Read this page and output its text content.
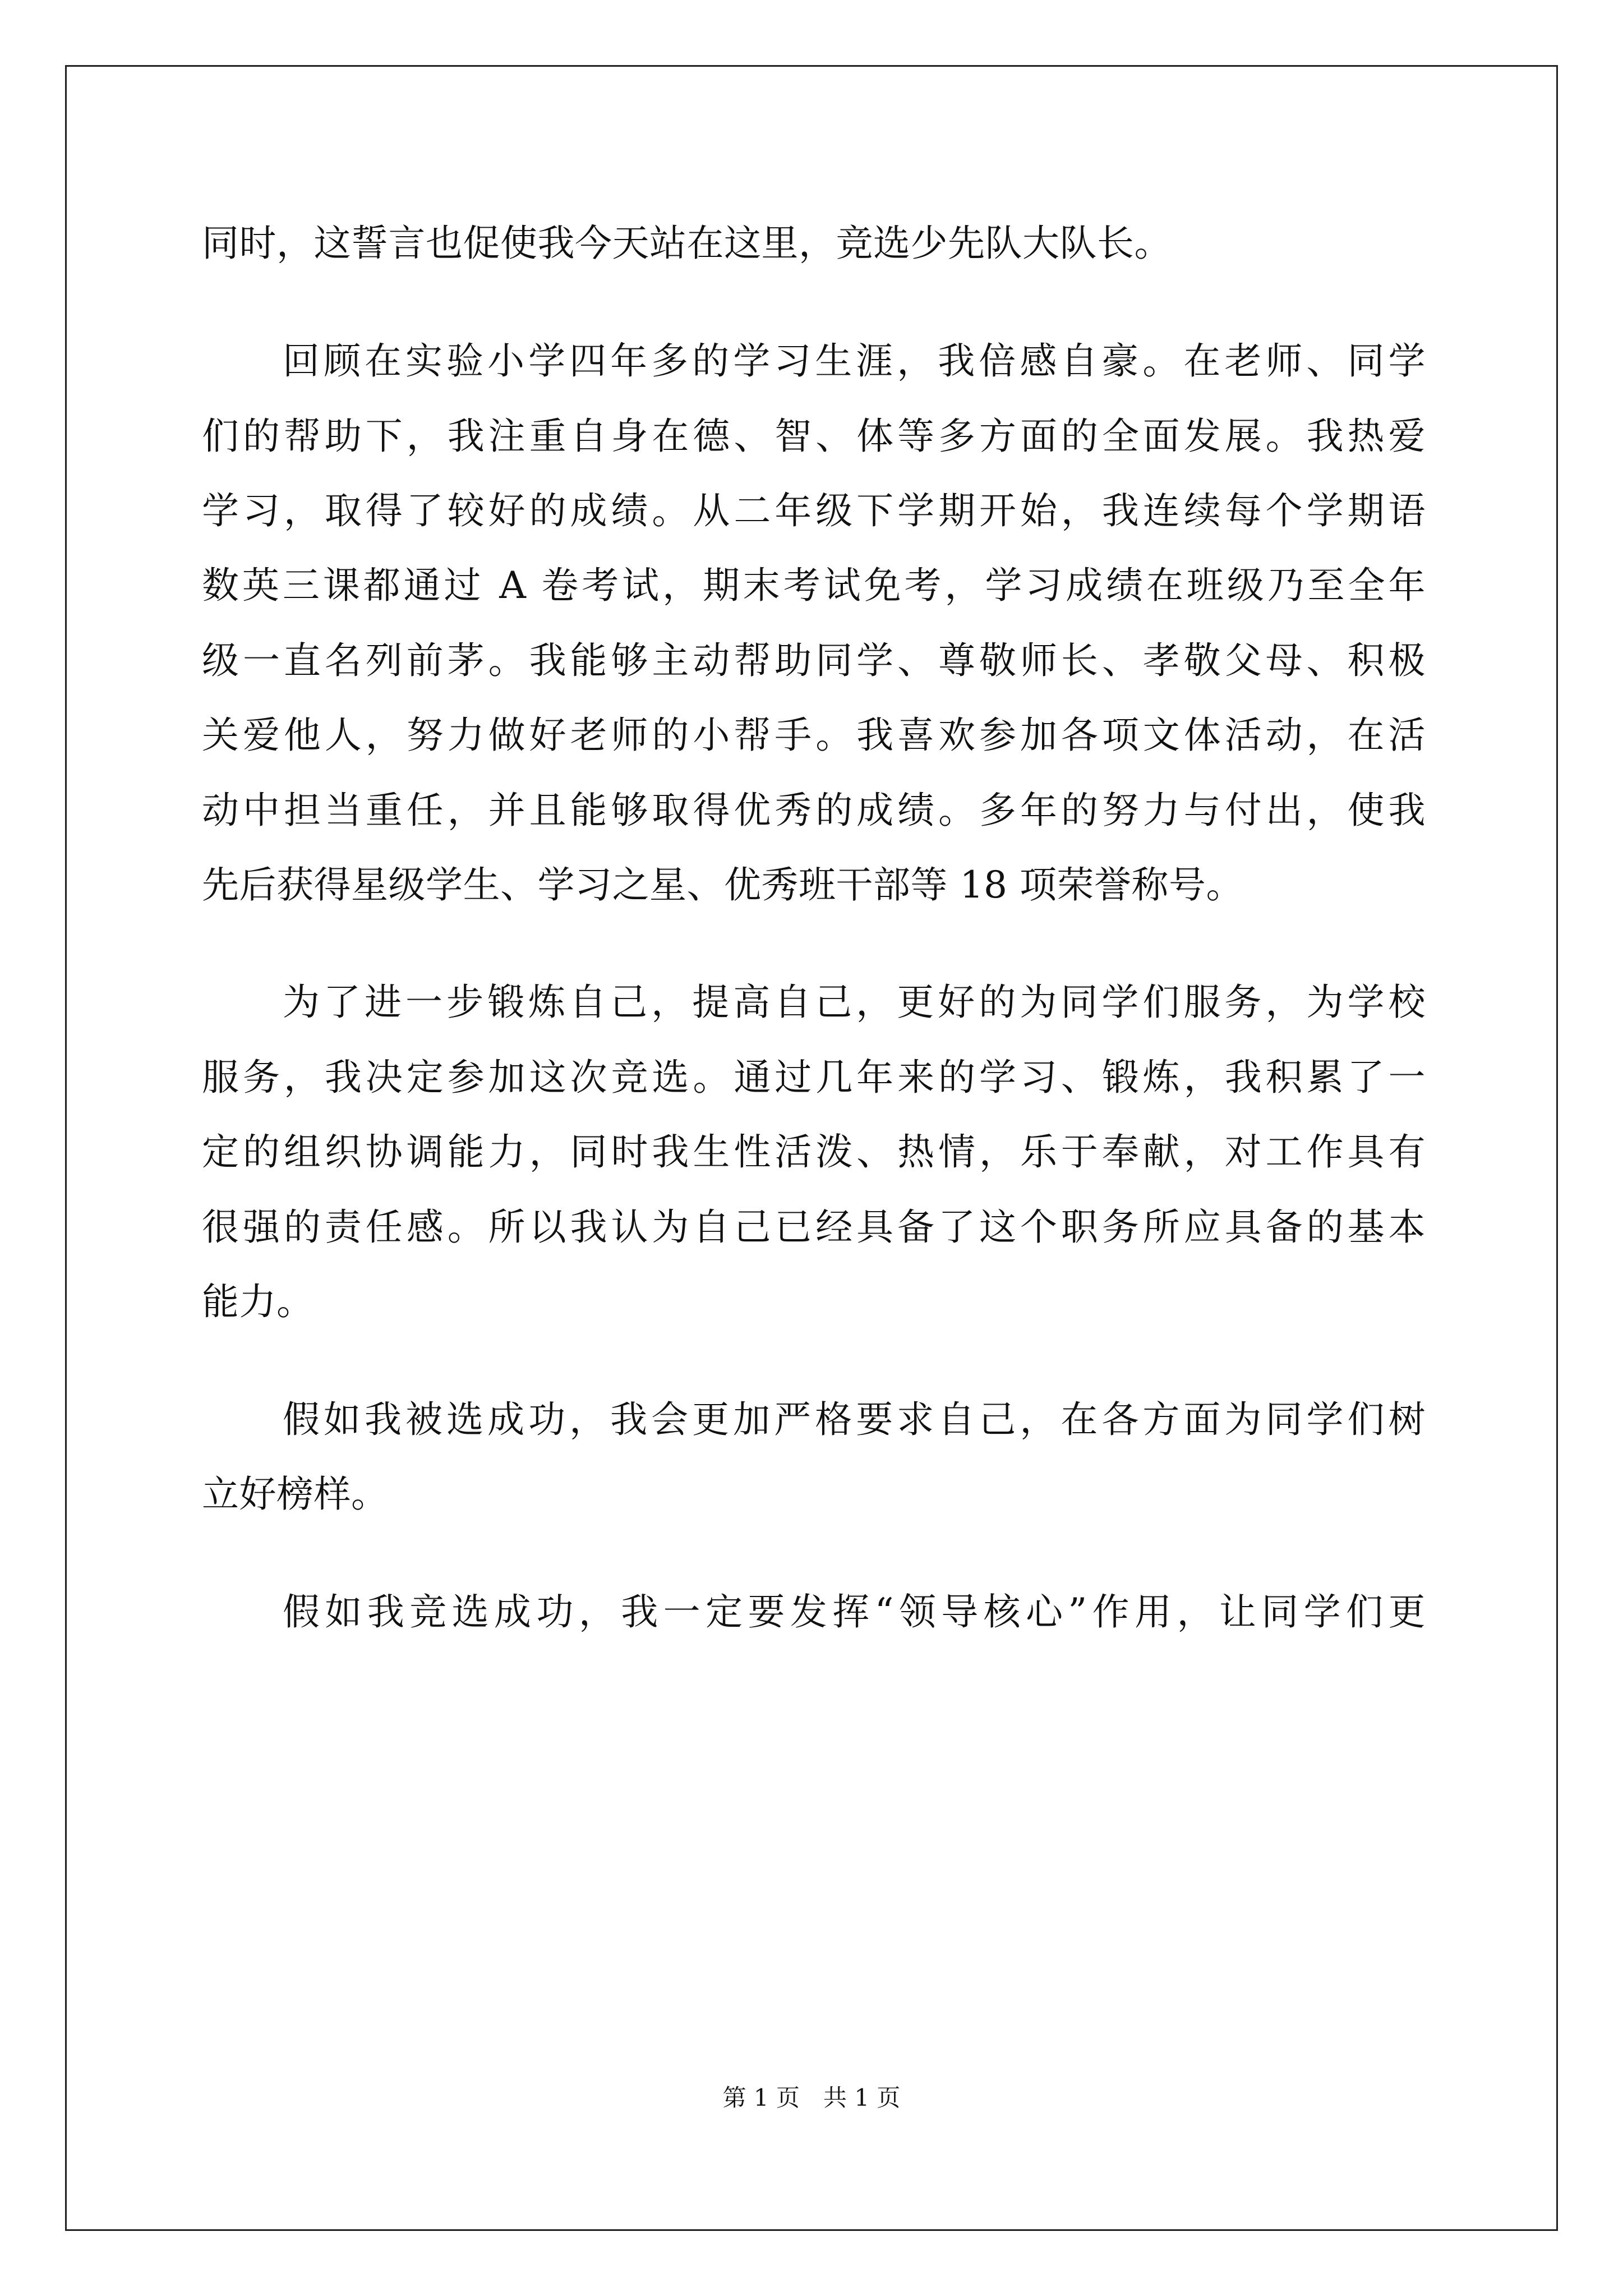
同时，这誓言也促使我今天站在这里，竞选少先队大队长。
回顾在实验小学四年多的学习生涯，我倍感自豪。在老师、同学
们的帮助下，我注重自身在德、智、体等多方面的全面发展。我热爱
学习，取得了较好的成绩。从二年级下学期开始，我连续每个学期语
数英三课都通过 A 卷考试，期末考试免考，学习成绩在班级乃至全年
级一直名列前茅。我能够主动帮助同学、尊敬师长、孝敬父母、积极
关爱他人，努力做好老师的小帮手。我喜欢参加各项文体活动，在活
动中担当重任，并且能够取得优秀的成绩。多年的努力与付出，使我
先后获得星级学生、学习之星、优秀班干部等 18 项荣誉称号。
为了进一步锻炼自己，提高自己，更好的为同学们服务，为学校
服务，我决定参加这次竞选。通过几年来的学习、锻炼，我积累了一
定的组织协调能力，同时我生性活泼、热情，乐于奉献，对工作具有
很强的责任感。所以我认为自己已经具备了这个职务所应具备的基本
能力。
假如我被选成功，我会更加严格要求自己，在各方面为同学们树
立好榜样。
假如我竞选成功，我一定要发挥“领导核心”作用，让同学们更
第 1 页　共 1 页
